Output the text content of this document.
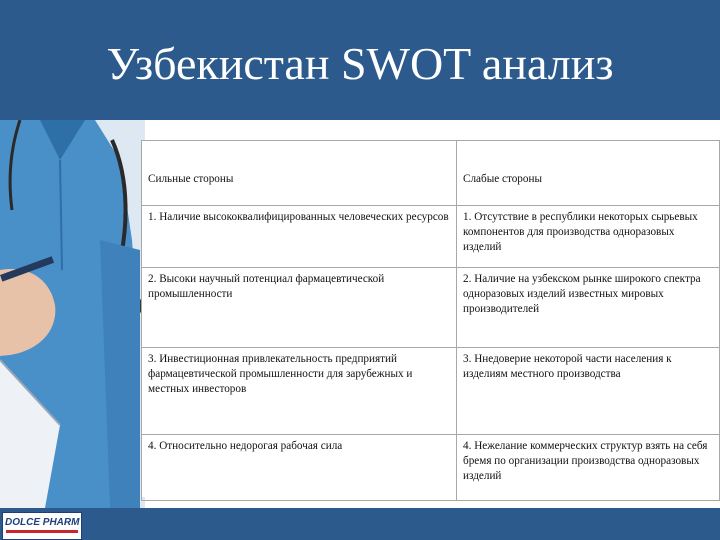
Узбекистан SWOT анализ
Сильные стороны	Слабые стороны
1. Наличие высококвалифицированных человеческих ресурсов	1. Отсутствие в республики некоторых сырьевых компонентов для производства одноразовых изделий
2. Высоки научный потенциал фармацевтической промышленности	2. Наличие на узбекском рынке широкого спектра одноразовых изделий известных мировых производителей
3. Инвестиционная привлекательность предприятий фармацевтической промышленности для зарубежных и местных инвесторов	3. Ннедоверие некоторой части населения к изделиям местного производства
4. Относительно недорогая рабочая сила	4. Нежелание коммерческих структур взять на себя бремя по организации производства одноразовых изделий
DOLCE PHARM
